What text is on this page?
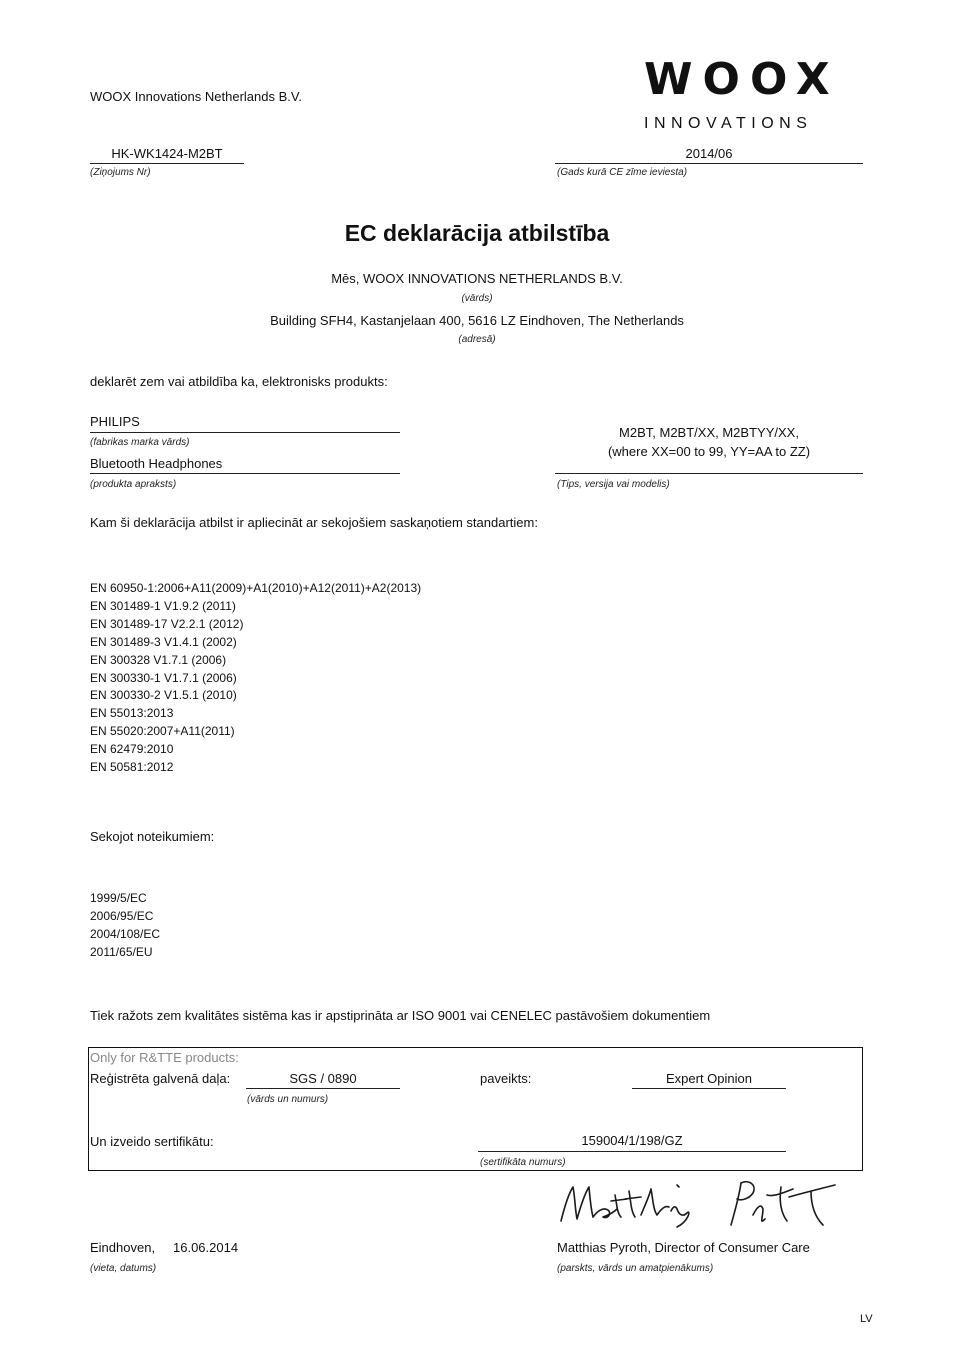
WOOX Innovations Netherlands B.V.	WOOX
INNOVATIONS
HK-WK1424-M2BT
(Ziņojums Nr)
2014/06
(Gads kurā CE zīme ieviesta)
EC deklarācija atbilstība
Mēs, WOOX INNOVATIONS NETHERLANDS B.V.
(vārds)
Building SFH4, Kastanjelaan 400, 5616 LZ Eindhoven, The Netherlands
(adresā)
deklarēt zem vai atbildība ka, elektronisks produkts:
PHILIPS
(fabrikas marka vārds)
Bluetooth Headphones
(produkta apraksts)
M2BT, M2BT/XX, M2BTYY/XX,
(where XX=00 to 99, YY=AA to ZZ)
(Tips, versija vai modelis)
Kam ši deklarācija atbilst ir apliecināt ar sekojošiem saskaņotiem standartiem:
EN 60950-1:2006+A11(2009)+A1(2010)+A12(2011)+A2(2013)
EN 301489-1 V1.9.2 (2011)
EN 301489-17 V2.2.1 (2012)
EN 301489-3 V1.4.1 (2002)
EN 300328 V1.7.1 (2006)
EN 300330-1 V1.7.1 (2006)
EN 300330-2 V1.5.1 (2010)
EN 55013:2013
EN 55020:2007+A11(2011)
EN 62479:2010
EN 50581:2012
Sekojot noteikumiem:
1999/5/EC
2006/95/EC
2004/108/EC
2011/65/EU
Tiek ražots zem kvalitātes sistēma kas ir apstiprināta ar ISO 9001 vai CENELEC pastāvošiem dokumentiem
Only for R&TTE products:
Reģistrēta galvenā daļa:	SGS / 0890
(vārds un numurs)
paveikts:	Expert Opinion
Un izveido sertifikātu:	159004/1/198/GZ
(sertifikāta numurs)
Eindhoven, 16.06.2014
(vieta, datums)
Matthias Pyroth, Director of Consumer Care
(parskts, vārds un amatpienākums)
LV
